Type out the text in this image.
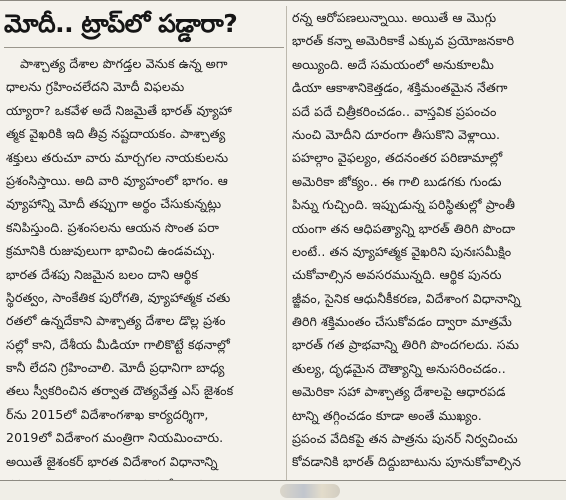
మోదీ.. ట్రాప్‌లో పడ్డారా?
పాశ్చాత్య దేశాల పొగడ్తల వెనుక ఉన్న అగా
ధాలను గ్రహించలేదని మోదీ విఫలమ
య్యారా? ఒకవేళ అదే నిజమైతే భారత్ వ్యూహా
త్మక వైఖరికి ఇది తీవ్ర నష్టదాయకం. పాశ్చాత్య
శక్తులు తరుచూ వారు మార్చగల నాయకులను
ప్రశంసిస్తాయి. అది వారి వ్యూహంలో భాగం. ఆ
వ్యూహాన్ని మోదీ తప్పుగా అర్థం చేసుకున్నట్లు
కనిపిస్తుంది. ప్రశంసలను ఆయన సొంత పరా
క్రమానికి రుజువులుగా భావించి ఉండవచ్చు.
భారత దేశపు నిజమైన బలం దాని ఆర్థిక
స్థిరత్వం, సాంకేతిక పురోగతి, వ్యూహాత్మక చతు
రతలో ఉన్నదేకాని పాశ్చాత్య దేశాల డొల్ల ప్రశం
సల్లో కాని, దేశీయ మీడియా గాలికొట్టే కథనాల్లో
కానీ లేదని గ్రహించాలి. మోదీ ప్రధానిగా బాధ్య
తలు స్వీకరించిన తర్వాత దౌత్యవేత్త ఎస్ జైశంక
ర్‌ను 2015లో విదేశాంగశాఖ కార్యదర్శిగా,
2019లో విదేశాంగ మంత్రిగా నియమించారు.
అయితే జైశంకర్ భారత విదేశాంగ విధానాన్ని
రన్న ఆరోపణలున్నాయి. అయితే ఆ మొగ్గు
భారత్ కన్నా అమెరికాకే ఎక్కువ ప్రయోజనకారి
అయ్యింది. అదే సమయంలో అనుకూలమీ
డియా ఆకాశానికెత్తడం, శక్తిమంతమైన నేతగా
పదే పదే చిత్రీకరించడం.. వాస్తవిక ప్రపంచం
నుంచి మోదీని దూరంగా తీసుకొని వెళ్లాయి.
పహల్గాం వైఫల్యం, తదనంతర పరిణామాల్లో
అమెరికా జోక్యం.. ఈ గాలి బుడగకు గుండు
పిన్ను గుచ్చింది. ఇప్పుడున్న పరిస్థితుల్లో ప్రాంతీ
యంగా తన ఆధిపత్యాన్ని భారత్ తిరిగి పొందా
లంటే.. తన వ్యూహాత్మక వైఖరిని పునఃసమీక్షిం
చుకోవాల్సిన అవసరమున్నది. ఆర్థిక పునరు
జ్జీవం, సైనిక ఆధునీకీకరణ, విదేశాంగ విధానాన్ని
తిరిగి శక్తిమంతం చేసుకోవడం ద్వారా మాత్రమే
భారత్ గత ప్రాభవాన్ని తిరిగి పొందగలదు. సమ
తుల్య, దృఢమైన దౌత్యాన్ని అనుసరించడం..
అమెరికా సహా పాశ్చాత్య దేశాలపై ఆధారపడ
టాన్ని తగ్గించడం కూడా అంతే ముఖ్యం.
ప్రపంచ వేదికపై తన పాత్రను పునర్ నిర్వచించు
కోవడానికి భారత్ దిద్దుబాటును పూనుకోవాల్సిన
